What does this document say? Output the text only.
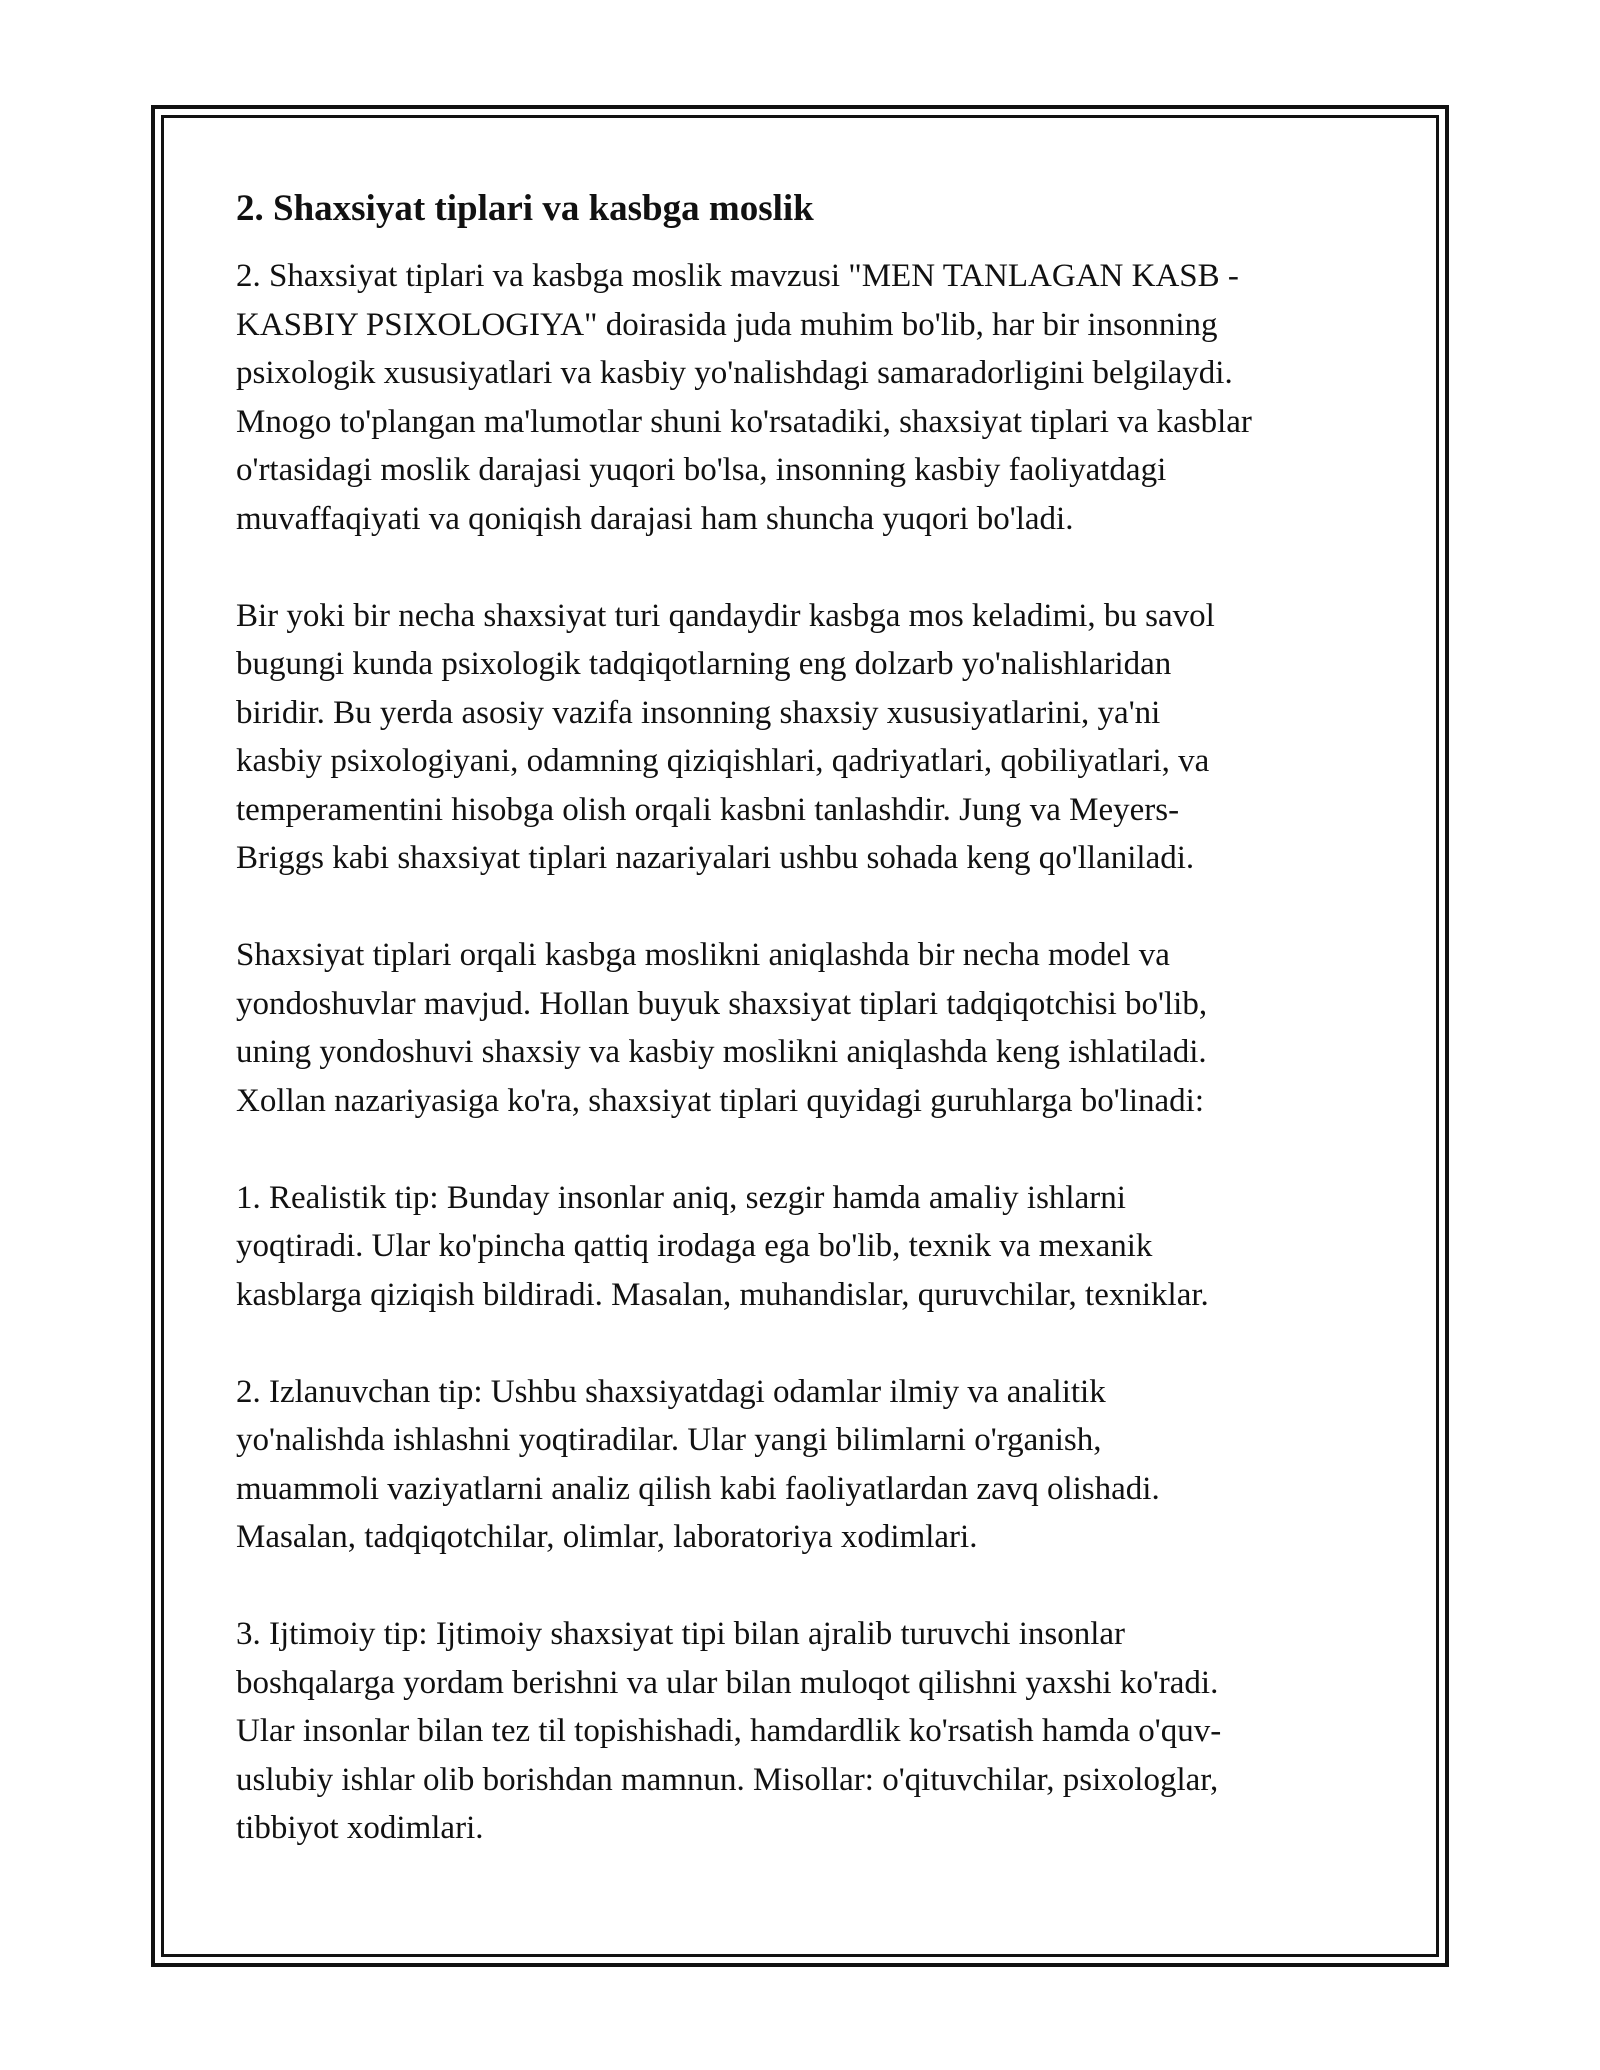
2. Shaxsiyat tiplari va kasbga moslik

2. Shaxsiyat tiplari va kasbga moslik mavzusi "MEN TANLAGAN KASB -
KASBIY PSIXOLOGIYA" doirasida juda muhim bo'lib, har bir insonning
psixologik xususiyatlari va kasbiy yo'nalishdagi samaradorligini belgilaydi.
Mnogo to'plangan ma'lumotlar shuni ko'rsatadiki, shaxsiyat tiplari va kasblar
o'rtasidagi moslik darajasi yuqori bo'lsa, insonning kasbiy faoliyatdagi
muvaffaqiyati va qoniqish darajasi ham shuncha yuqori bo'ladi.

Bir yoki bir necha shaxsiyat turi qandaydir kasbga mos keladimi, bu savol
bugungi kunda psixologik tadqiqotlarning eng dolzarb yo'nalishlaridan
biridir. Bu yerda asosiy vazifa insonning shaxsiy xususiyatlarini, ya'ni
kasbiy psixologiyani, odamning qiziqishlari, qadriyatlari, qobiliyatlari, va
temperamentini hisobga olish orqali kasbni tanlashdir. Jung va Meyers-
Briggs kabi shaxsiyat tiplari nazariyalari ushbu sohada keng qo'llaniladi.

Shaxsiyat tiplari orqali kasbga moslikni aniqlashda bir necha model va
yondoshuvlar mavjud. Hollan buyuk shaxsiyat tiplari tadqiqotchisi bo'lib,
uning yondoshuvi shaxsiy va kasbiy moslikni aniqlashda keng ishlatiladi.
Xollan nazariyasiga ko'ra, shaxsiyat tiplari quyidagi guruhlarga bo'linadi:

1. Realistik tip: Bunday insonlar aniq, sezgir hamda amaliy ishlarni
yoqtiradi. Ular ko'pincha qattiq irodaga ega bo'lib, texnik va mexanik
kasblarga qiziqish bildiradi. Masalan, muhandislar, quruvchilar, texniklar.

2. Izlanuvchan tip: Ushbu shaxsiyatdagi odamlar ilmiy va analitik
yo'nalishda ishlashni yoqtiradilar. Ular yangi bilimlarni o'rganish,
muammoli vaziyatlarni analiz qilish kabi faoliyatlardan zavq olishadi.
Masalan, tadqiqotchilar, olimlar, laboratoriya xodimlari.

3. Ijtimoiy tip: Ijtimoiy shaxsiyat tipi bilan ajralib turuvchi insonlar
boshqalarga yordam berishni va ular bilan muloqot qilishni yaxshi ko'radi.
Ular insonlar bilan tez til topishishadi, hamdardlik ko'rsatish hamda o'quv-
uslubiy ishlar olib borishdan mamnun. Misollar: o'qituvchilar, psixologlar,
tibbiyot xodimlari.
